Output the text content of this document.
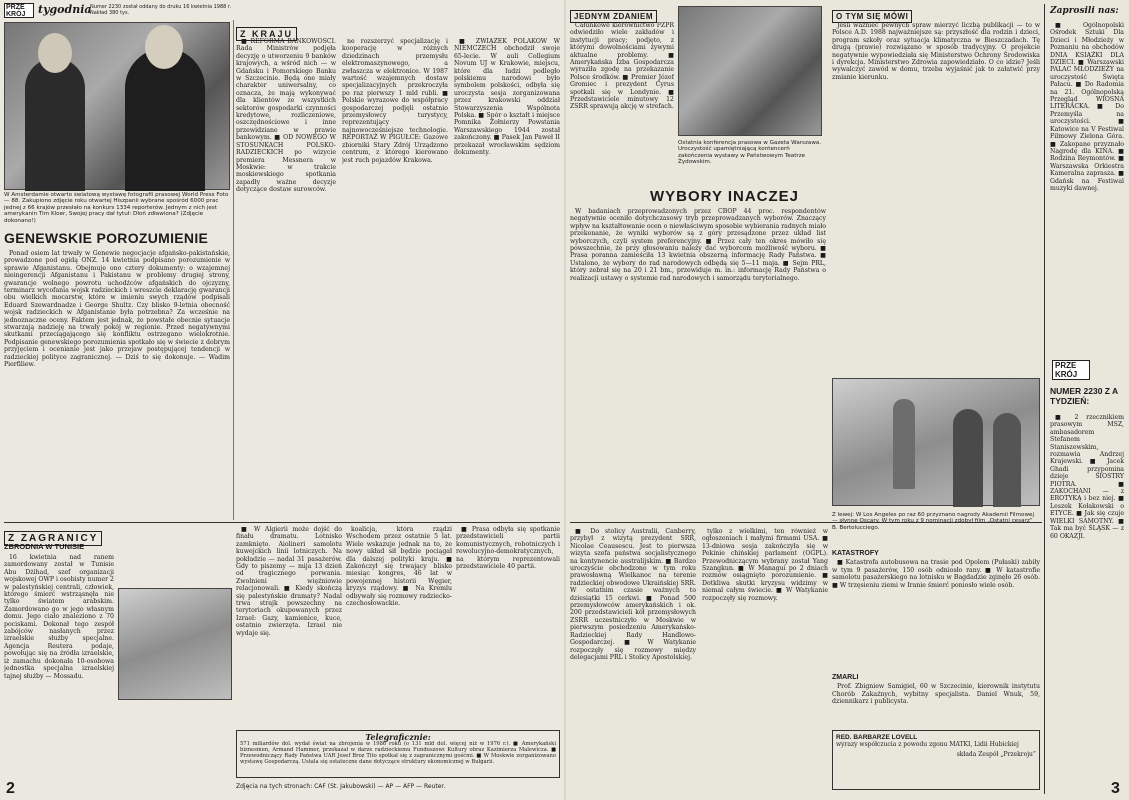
PRZE KRÓJ	tygodnia
Numer 2230 został oddany do druku 16 kwietnia 1988 r. Nakład 380 tys.
W Amsterdamie otwarto światową wystawę fotografii prasowej World Press Foto — 88. Zakupiono zdjęcie roku otwartej Hiszpanii wybrane spośród 6000 prac jednej z 66 krajów przesłało na konkurs 1334 reporterów. Jednym z nich jest amerykanin Tim Kloer, Swojej pracy dał tytuł: Dłoń zdławiona? (Zdjęcie dokonano!)
GENEWSKIE POROZUMIENIE

Ponad osiem lat trwały w Genewie negocjacje afgańsko-pakistańskie, prowadzone pod egidą ONZ. 14 kwietnia podpisano porozumienie w sprawie Afganistanu. Obejmuje ono cztery dokumenty: o wzajemnej nieingerencji Afganistanu i Pakistanu w problemy drugiej strony, gwarancje wolnego powrotu uchodźców afgańskich do ojczyzny, terminarz wycofania wojsk radzieckich i wreszcie deklarację gwarancji obu wielkich mocarstw, które w imieniu swych rządów podpisali Eduard Szewardnadze i George Shultz. Czy blisko 9-letnia obecność wojsk radzieckich w Afganistanie była potrzebna? Za wcześnie na jednoznaczne oceny. Faktem jest jednak, że powstałe obecnie sytuacje stwarzają nadzieję na trwały pokój w regionie. Przed negatywnymi skutkami przeciągającego się konfliktu ostrzegano wielokrotnie. Podpisanie genewskiego porozumienia spotkało się w świecie z dobrym przyjęciem i ocenianie jest jako przejaw postępującej tendencji w radzieckiej polityce zagranicznej. — Dziś to się dokonuje. — Wadim Pierfiliew.

Z KRAJU

■ REFORMA BANKOWOŚCI. Rada Ministrów podjęła decyzję o utworzeniu 9 banków krajowych, a wśród nich — w Gdańsku i Pomorskiego Banku w Szczecinie. Będą one miały charakter uniwersalny, co oznacza, że mają wykonywać dla klientów ze wszystkich sektorów gospodarki czynności kredytowe, rozliczeniowe, oszczędnościowe i inne przewidziane w prawie bankowym. ■ OD NOWEGO W STOSUNKACH POLSKO-RADZIECKICH po wizycie premiera Messnera w Moskwie: w trakcie moskiewskiego spotkania zapadły ważne decyzje dotyczące dostaw surowców.

ne rozszerzyć specjalizację i kooperację w różnych dziedzinach przemysłu elektromaszynowego, a zwłaszcza w elektronice. W 1987 wartość wzajemnych dostaw specjalizacyjnych przekroczyła po raz pierwszy 1 mld rubli. ■ Polskie wyrazowe do współpracy gospodarczej podjęli ostatnio przemysłowcy turystycy, reprezentujący najnowocześniejsze technologie. REPORTAŻ W PIGUŁCE: Gazowe zbiorniki Stary Zdrój Urządzono centrum, z którego kierowano jest ruch pojazdów Krakowa.

■ ZWIĄZEK POLAKÓW W NIEMCZECH obchodził swoje 65-lecie. W auli Collegium Novum UJ w Krakowie, miejscu, które dla ludzi podległo polskiemu narodowi było symbolem polskości, odbyła się uroczysta sesja zorganizowana przez krakowski oddział Stowarzyszenia Wspólnota Polska. ■ Spór o kształt i miejsce Pomnika Żołnierzy Powstania Warszawskiego 1944 został zakończony. ■ Pasek Jan Paweł II przekazał wrocławskim sędziom dokumenty.

Z ZAGRANICY
ZBRODNIA W TUNISIE

16 kwietnia nad ranem zamordowany został w Tunisie Abu Dżihad, szef organizacji wojskowej OWP i osobisty numer 2 w palestyńskiej centrali, człowiek, którego śmierć wstrząsnęła nie tylko światem arabskim. Zamordowano go w jego własnym domu. Jego ciało znaleziono z 70 pociskami. Dokonał tego zespół zabójców nasłanych przez izraelskie służby specjalne. Agencja Reutera podaje, powołując się na źródła izraelskie, iż zamachu dokonała 10-osobowa jednostka specjalna izraelskiej tajnej służby — Mossadu.

■ W Algierii może dojść do finału dramatu. Lotnisko zamknięto. Aiolineri samolotu kuwejckich linii lotniczych. Na pokładzie — nadal 31 pasażerów. Gdy to piszemy — mija 13 dzień od tragicznego porwania. Zwolnieni więźniowie relacjonowali. ■ Kiedy skończą się palestyńskie dramaty? Nadal trwa strajk powszechny na terytoriach okupowanych przez Izrael: Gazy, kamienice, kuce, ostatnio zwierzęta. Izrael nie wydaje się.

koalicja, która rządzi Wschodem przez ostatnie 5 lat. Wiele wskazuje jednak na to, że nowy układ sił będzie pociągał dla dalszej polityki kraju. ■ Zakończył się trwający blisko miesiąc kongres, 46 lat w powojennej historii Węgier, kryzys rządowy. ■ Na Kremlu odbywały się rozmowy radziecko-czechosłowackie.

■ Prasa odbyła się spotkanie przedstawicieli partii komunistycznych, robotniczych i rewolucyjno-demokratycznych, na którym reprezentowali przedstawiciele 40 partii.

Telegraficznie:
571 miliardów dol. wydał świat na zbrojenia w 1986 roku (o 131 mld dol. więcej niż w 1976 r.). ■ Amerykański biznesmen, Armand Hammer, przekazał w darze radzieckiemu Funduszowi Kultury obraz Kazimierza Malewicza. ■ Przewodniczący Rady Państwa UAR Josef Broz Tito spotkał się z zagranicznymi gośćmi. ■ W Moskwie zorganizowano wystawę Gospodarczą. Ustala się ostateczne dane dotyczące struktury ekonomicznej w Bułgarii.
Zdjęcia na tych stronach: CAF (St. Jakubowski) — AP — AFP — Reuter.
2
JEDNYM ZDANIEM

Całunkowe kierownictwo PZPR odwiedziło wiele zakładów i instytucji pracy; podjęto, z którymi dowolnościami żywymi aktualne problemy. ■ Amerykańska Izba Gospodarcza wyraziła zgodę na przekazanie Polsce środków. ■ Premier Józef Gromiec i prezydent Cyrus spotkali się w Londynie. ■ Przedstawiciele minutowy 12 ZSRR sprawują akcję w strefach.

Ostatnia konferencja prasowa w Gazeta Warszawa. Uroczystość upamiętniającą kontencerń zakończenia wystawy w Państwowym Teatrze Żydowskim.
O TYM SIĘ MÓWI

Jeśli ważnieć pewnych spraw mierzyć liczbą publikacji — to w Polsce A.D. 1988 najważniejsze są: przyszłość dla rodzin i dzieci, program szkoły oraz sytuacja klimatyczna w Bieszczadach. Tę drugą (prawie) rozwiązano w sposób tradycyjny. O projekcie negatywnie wypowiedziała się Ministerstwo Ochrony Środowiska i dyrekcja. Ministerstwo Zdrowia zapowiedziało. O co idzie? Jeśli wywalczyć zawód w domu, trzeba wyjaśnić jak to załatwić przy zmianie kierunku.

WYBORY INACZEJ

W badaniach przeprowadzonych przez CBOP 44 proc. respondentów negatywnie oceniło dotychczasowy tryb przeprowadzanych wyborów. Znaczący wpływ na kształtowanie ocen o niewłaściwym sposobie wybierania radnych miało przekonanie, że wyniki wyborów są z góry przesądzone przez układ list wyborczych, czyli system preferencyjny. ■ Przez cały ten okres mówiło się powszechnie, że przy głosowaniu należy dać wyborcom możliwość wyboru. ■ Prasa poranna zamieściła 13 kwietnia obszerną informację Rady Państwa. ■ Ustalono, że wybory do rad narodowych odbędą się 5—11 maja. ■ Sejm PRL, który zebrał się na 20 i 21 bm., przewiduje m. in.: informację Rady Państwa o realizacji ustawy o systemie rad narodowych i samorządu terytorialnego.

■ Do stolicy Australii, Canberry, przybył z wizytą prezydent SRR, Nicolae Ceausescu. Jest to pierwsza wizyta szefa państwa socjalistycznego na kontynencie australijskim. ■ Bardzo uroczyście obchodzono w tym roku prawosławną Wielkanoc na terenie radzieckiej obwodowe Ukraińskiej SRR. W ostatnim czasie ważnych to dziesiątki 15 cerkwi. ■ Ponad 500 przemysłowców amerykańskich i ok. 200 przedstawicieli kół przemysłowych ZSRR uczestniczyło w Moskwie w pierwszym posiedzeniu Amerykańsko-Radzieckiej Rady Handlowo-Gospodarczej. ■ W Watykanie rozpoczęły się rozmowy między delegacjami PRL i Stolicy Apostolskiej.

tylko z wielkimi, ten również w ogłoszeniach i małymi firmami USA. ■ 13-dniowa sesja zakończyła się w Pekinie chińskiej parlament (OGPL). Przewodniczącym wybrany został Yang Szangkun. ■ W Managui po 2 dniach rozmów osiągnięto porozumienie. ■ Dotkliwa skutki kryzysu widzimy w niemal całym świecie. ■ W Watykanie rozpoczęły się rozmowy.

Z lewej: W Los Angeles po raz 60 przyznano nagrody Akademii Filmowej — słynne Oscary. W tym roku z 9 nominacji zdobył film „Ostatni cesarz” B. Bertolucciego.
KATASTROFY

■ Katastrofa autobusowa na trasie pod Opolem (Pułaski) zabiły w tym 9 pasażerów, 150 osób odniosło rany. ■ W katastrofie samolotu pasażerskiego na lotnisku w Bagdadzie zginęło 26 osób. ■ W trzęsieniu ziemi w Iranie śmierć poniosło wiele osób.

ZMARLI

Prof. Zbigniew Samigiel, 60 w Szczecinie, kierownik instytutu Chorób Zakaźnych, wybitny specjalista. Daniel Wnuk, 59, dziennikarz i publicysta.

RED. BARBARZE LOVELL
wyrazy współczucia z powodu zgonu MATKI, Lidii Hubickiej
składa Zespół „Przekroju”
Zaprosili nas:

■ Ogólnopolski Ośrodek Sztuki Dla Dzieci i Młodzieży w Poznaniu na obchodów DNIA KSIĄŻKI DLA DZIECI. ■ Warszawski PALAC MŁODZIEŻY na uroczystość Święta Pałacu. ■ Do Radomia na 21. Ogólnopolską Przegląd WIOSNA LITERACKA. ■ Do Przemyśla na uroczystości. ■ Katowice na V Festiwal Filmowy Zielona Góra. ■ Zakopane przyznało Nagrodę dla KINA. ■ Rodzina Reymontów. ■ Warszawska Orkiestra Kameralna zaprasza. ■ Gdańsk na Festiwal muzyki dawnej.

PRZE KRÓJ
NUMER 2230 Z A TYDZIEŃ:

■ 2 rzecznikiem prasowym MSZ, ambasadorem Stefanem Staniszewskim, rozmawia Andrzej Krajewski. ■ Jacek Ghadi przypomina dzieje SIOSTRY PIOTRA. ■ ZAKOCHANI — z EROTYKĄ i bez niej. ■ Leszek Kołakowski o ETYCE. ■ Jak się czuje WIELKI SAMOTNY. ■ Tak ma być ŚLĄSK — z 60 OKAZJI.

3
